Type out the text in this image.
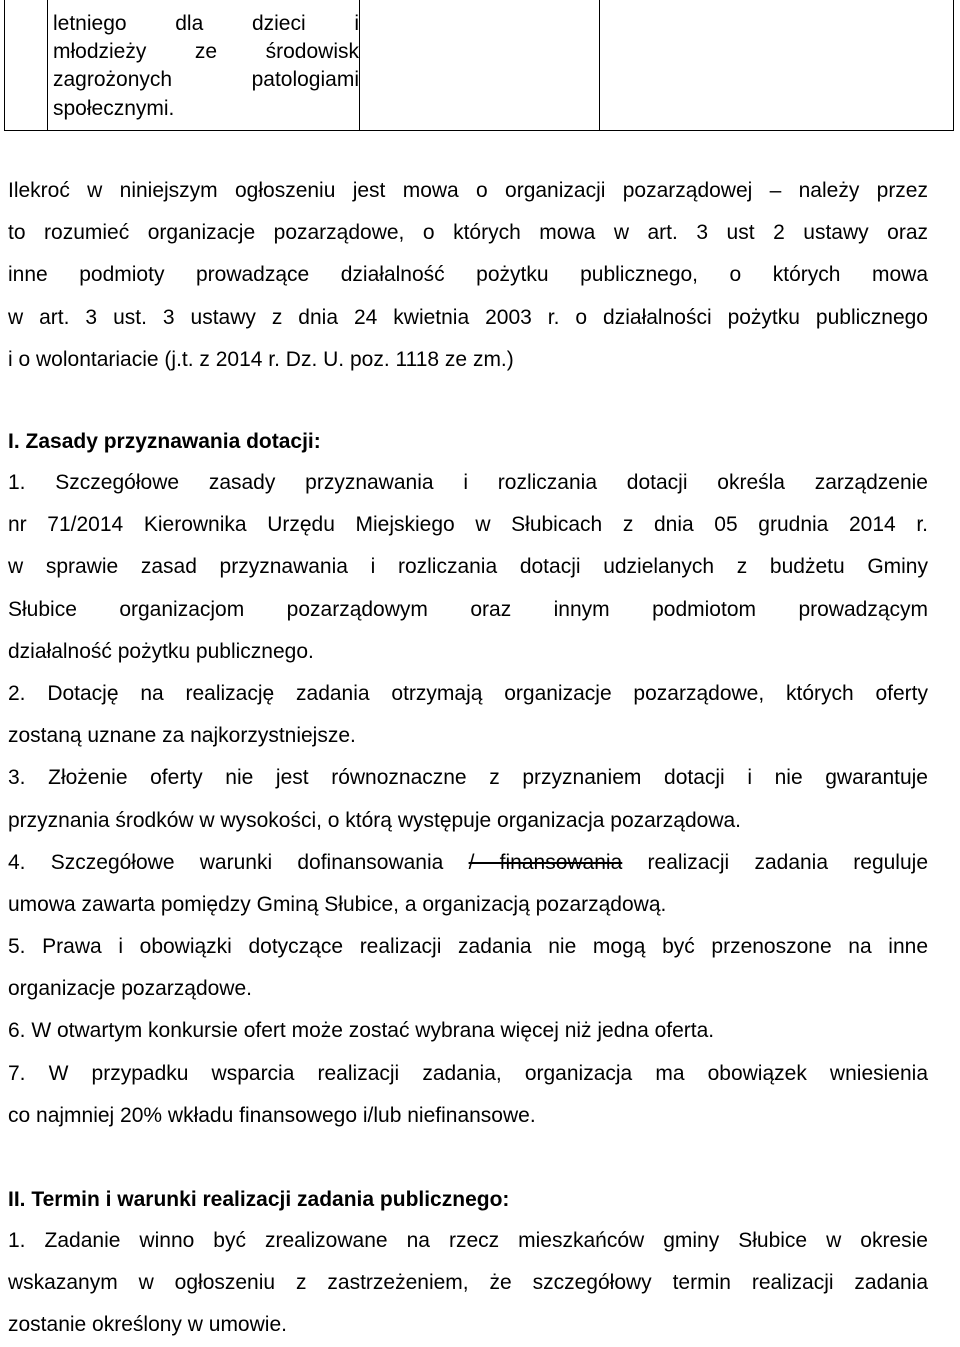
letniego dla dzieci i
młodzieży ze środowisk
zagrożonych patologiami
społecznymi.
Ilekroć w niniejszym ogłoszeniu jest mowa o organizacji pozarządowej – należy przez
to rozumieć organizacje pozarządowe, o których mowa w art. 3 ust 2 ustawy oraz
inne podmioty prowadzące działalność pożytku publicznego, o których mowa
w art. 3 ust. 3 ustawy z dnia 24 kwietnia 2003 r. o działalności pożytku publicznego
i o wolontariacie (j.t. z 2014 r. Dz. U. poz. 1118 ze zm.)
I. Zasady przyznawania dotacji:
1. Szczegółowe zasady przyznawania i rozliczania dotacji określa zarządzenie
nr 71/2014 Kierownika Urzędu Miejskiego w Słubicach z dnia 05 grudnia 2014 r.
w sprawie zasad przyznawania i rozliczania dotacji udzielanych z budżetu Gminy
Słubice organizacjom pozarządowym oraz innym podmiotom prowadzącym
działalność pożytku publicznego.
2. Dotację na realizację zadania otrzymają organizacje pozarządowe, których oferty
zostaną uznane za najkorzystniejsze.
3. Złożenie oferty nie jest równoznaczne z przyznaniem dotacji i nie gwarantuje
przyznania środków w wysokości, o którą występuje organizacja pozarządowa.
4. Szczegółowe warunki dofinansowania / finansowania realizacji zadania reguluje
umowa zawarta pomiędzy Gminą Słubice, a organizacją pozarządową.
5. Prawa i obowiązki dotyczące realizacji zadania nie mogą być przenoszone na inne
organizacje pozarządowe.
6. W otwartym konkursie ofert może zostać wybrana więcej niż jedna oferta.
7. W przypadku wsparcia realizacji zadania, organizacja ma obowiązek wniesienia
co najmniej 20% wkładu finansowego i/lub niefinansowe.
II. Termin i warunki realizacji zadania publicznego:
1. Zadanie winno być zrealizowane na rzecz mieszkańców gminy Słubice w okresie
wskazanym w ogłoszeniu z zastrzeżeniem, że szczegółowy termin realizacji zadania
zostanie określony w umowie.
